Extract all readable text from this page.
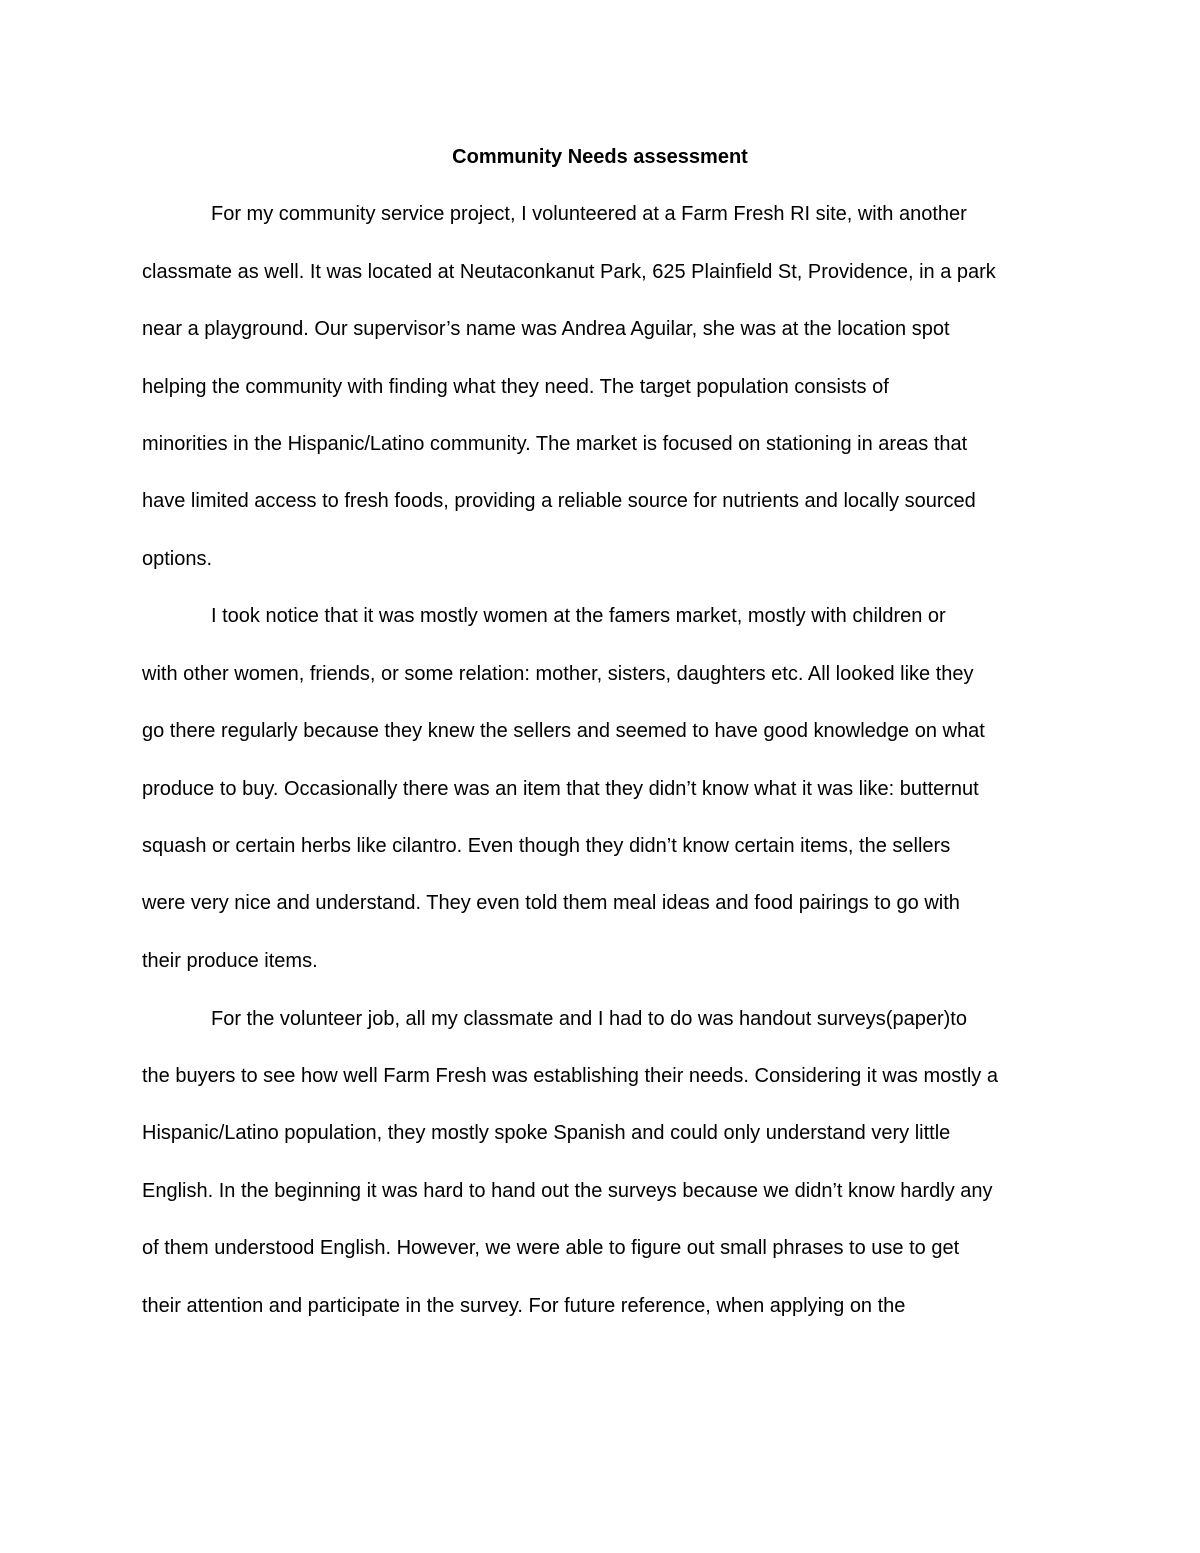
Community Needs assessment
For my community service project, I volunteered at a Farm Fresh RI site, with another
classmate as well. It was located at Neutaconkanut Park, 625 Plainfield St, Providence, in a park
near a playground. Our supervisor’s name was Andrea Aguilar, she was at the location spot
helping the community with finding what they need. The target population consists of
minorities in the Hispanic/Latino community. The market is focused on stationing in areas that
have limited access to fresh foods, providing a reliable source for nutrients and locally sourced
options.
I took notice that it was mostly women at the famers market, mostly with children or
with other women, friends, or some relation: mother, sisters, daughters etc. All looked like they
go there regularly because they knew the sellers and seemed to have good knowledge on what
produce to buy. Occasionally there was an item that they didn’t know what it was like: butternut
squash or certain herbs like cilantro. Even though they didn’t know certain items, the sellers
were very nice and understand. They even told them meal ideas and food pairings to go with
their produce items.
For the volunteer job, all my classmate and I had to do was handout surveys(paper)to
the buyers to see how well Farm Fresh was establishing their needs. Considering it was mostly a
Hispanic/Latino population, they mostly spoke Spanish and could only understand very little
English. In the beginning it was hard to hand out the surveys because we didn’t know hardly any
of them understood English. However, we were able to figure out small phrases to use to get
their attention and participate in the survey. For future reference, when applying on the
